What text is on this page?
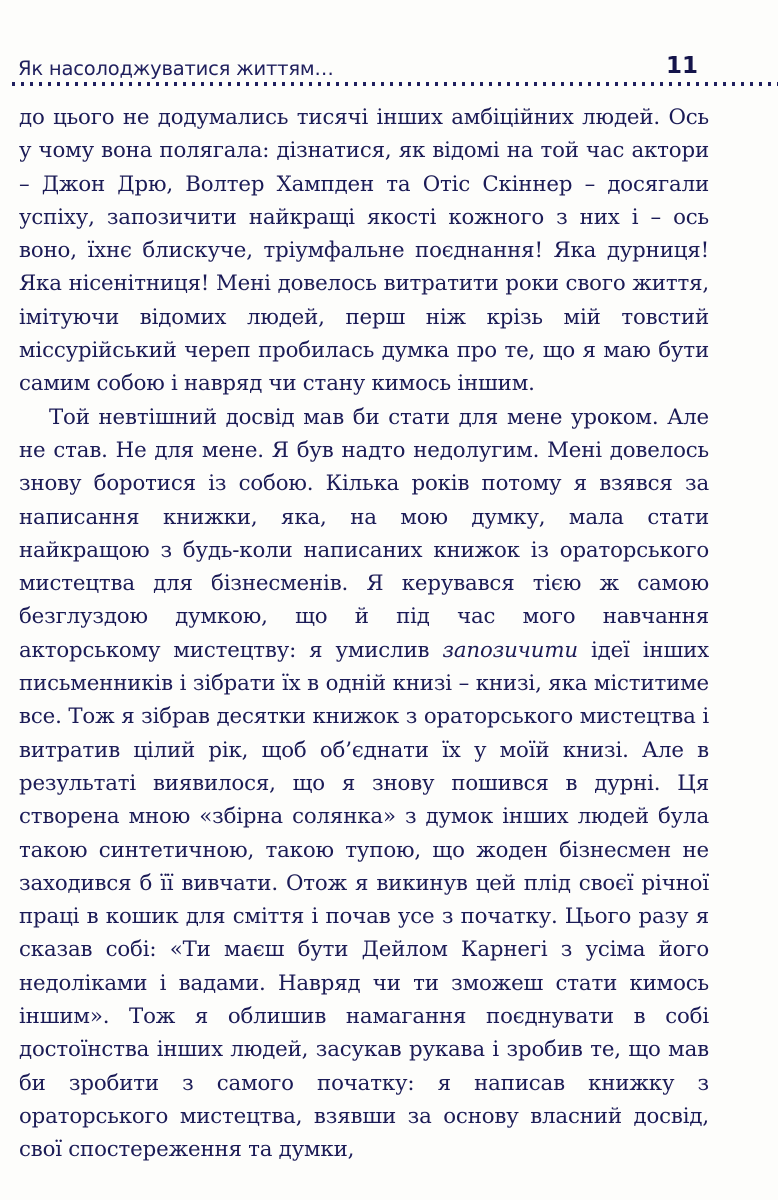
Як насолоджуватися життям…	11

до цього не додумались тисячі інших амбіційних людей. Ось у чому вона полягала: дізнатися, як відомі на той час актори – Джон Дрю, Волтер Хампден та Отіс Скіннер – досягали успіху, запозичити найкращі якості кожного з них і – ось воно, їхнє блискуче, тріумфальне поєднання! Яка дурниця! Яка нісенітниця! Мені довелось витратити роки свого життя, імітуючи відомих людей, перш ніж крізь мій товстий міссурійський череп пробилась думка про те, що я маю бути самим собою і навряд чи стану кимось іншим.

Той невтішний досвід мав би стати для мене уроком. Але не став. Не для мене. Я був надто недолугим. Мені довелось знову боротися із собою. Кілька років потому я взявся за написання книжки, яка, на мою думку, мала стати найкращою з будь-коли написаних книжок із ораторського мистецтва для бізнесменів. Я керувався тією ж самою безглуздою думкою, що й під час мого навчання акторському мистецтву: я умислив запозичити ідеї інших письменників і зібрати їх в одній книзі – книзі, яка міститиме все. Тож я зібрав десятки книжок з ораторського мистецтва і витратив цілий рік, щоб об’єднати їх у моїй книзі. Але в результаті виявилося, що я знову пошився в дурні. Ця створена мною «збірна солянка» з думок інших людей була такою синтетичною, такою тупою, що жоден бізнесмен не заходився б її вивчати. Отож я викинув цей плід своєї річної праці в кошик для сміття і почав усе з початку. Цього разу я сказав собі: «Ти маєш бути Дейлом Карнегі з усіма його недоліками і вадами. Навряд чи ти зможеш стати кимось іншим». Тож я облишив намагання поєднувати в собі достоїнства інших людей, засукав рукава і зробив те, що мав би зробити з самого початку: я написав книжку з ораторського мистецтва, взявши за основу власний досвід, свої спостереження та думки,
